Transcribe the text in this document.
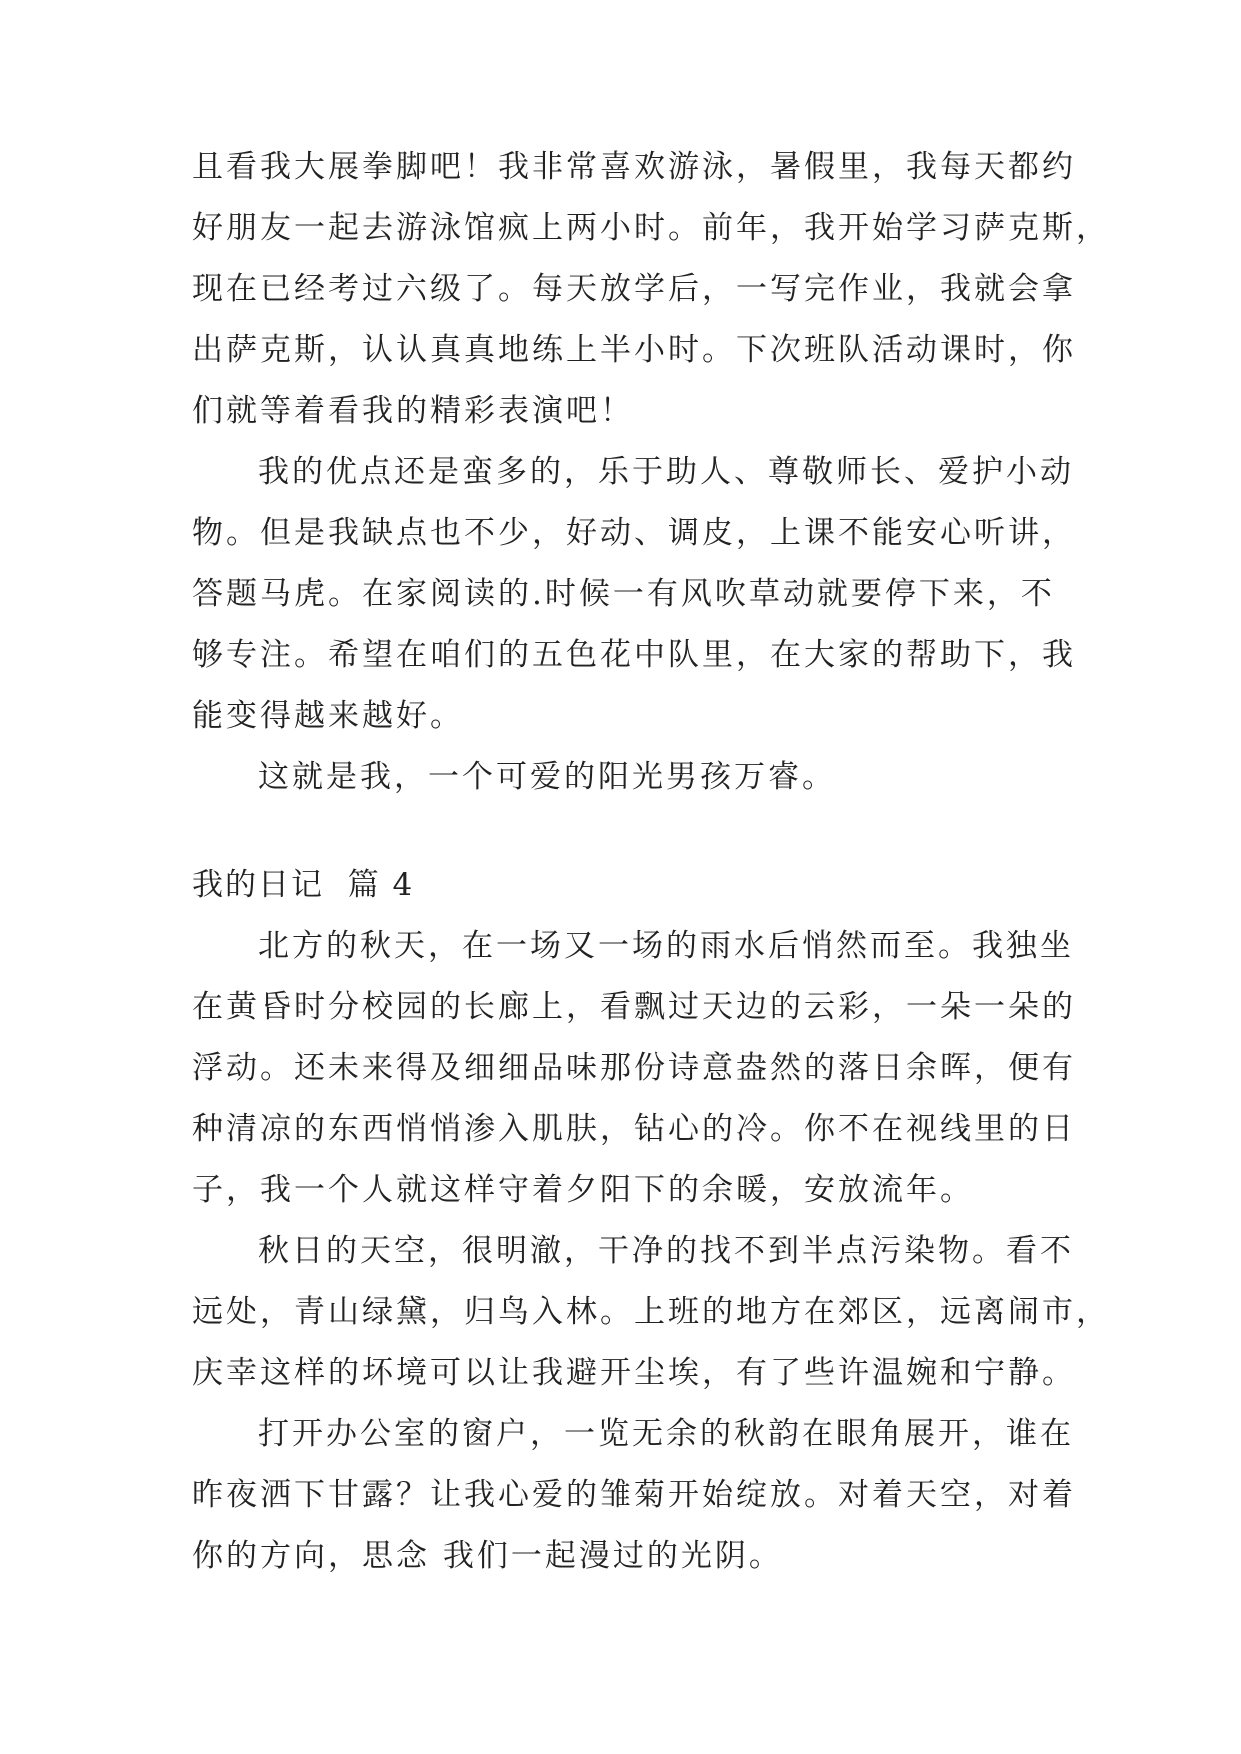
且看我大展拳脚吧！我非常喜欢游泳，暑假里，我每天都约
好朋友一起去游泳馆疯上两小时。前年，我开始学习萨克斯，
现在已经考过六级了。每天放学后，一写完作业，我就会拿
出萨克斯，认认真真地练上半小时。下次班队活动课时，你
们就等着看我的精彩表演吧！
我的优点还是蛮多的，乐于助人、尊敬师长、爱护小动
物。但是我缺点也不少，好动、调皮，上课不能安心听讲，
答题马虎。在家阅读的.时候一有风吹草动就要停下来，不
够专注。希望在咱们的五色花中队里，在大家的帮助下，我
能变得越来越好。
这就是我，一个可爱的阳光男孩万睿。
我的日记  篇 4
北方的秋天，在一场又一场的雨水后悄然而至。我独坐
在黄昏时分校园的长廊上，看飘过天边的云彩，一朵一朵的
浮动。还未来得及细细品味那份诗意盎然的落日余晖，便有
种清凉的东西悄悄渗入肌肤，钻心的冷。你不在视线里的日
子，我一个人就这样守着夕阳下的余暖，安放流年。
秋日的天空，很明澈，干净的找不到半点污染物。看不
远处，青山绿黛，归鸟入林。上班的地方在郊区，远离闹市，
庆幸这样的坏境可以让我避开尘埃，有了些许温婉和宁静。
打开办公室的窗户，一览无余的秋韵在眼角展开，谁在
昨夜洒下甘露？让我心爱的雏菊开始绽放。对着天空，对着
你的方向，思念 我们一起漫过的光阴。
